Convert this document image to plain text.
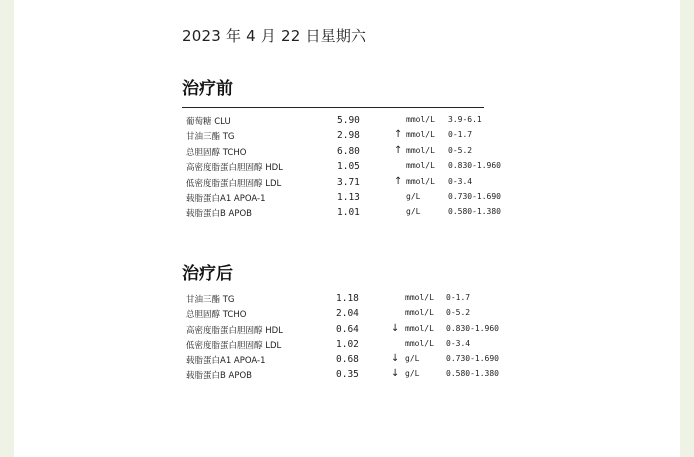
2023 年 4 月 22 日星期六
治疗前
葡萄糖 CLU	5.90	mmol/L 3.9-6.1
甘油三酯 TG	2.98	↑ mmol/L 0-1.7
总胆固醇 TCHO	6.80	↑ mmol/L 0-5.2
高密度脂蛋白胆固醇 HDL	1.05	mmol/L 0.830-1.960
低密度脂蛋白胆固醇 LDL	3.71	↑ mmol/L 0-3.4
载脂蛋白A1 APOA-1	1.13	g/L	0.730-1.690
载脂蛋白B APOB	1.01	g/L	0.580-1.380
治疗后
甘油三酯 TG	1.18	mmol/L 0-1.7
总胆固醇 TCHO	2.04	mmol/L 0-5.2
高密度脂蛋白胆固醇 HDL	0.64	↓ mmol/L 0.830-1.960
低密度脂蛋白胆固醇 LDL	1.02	mmol/L 0-3.4
载脂蛋白A1 APOA-1	0.68	↓ g/L	0.730-1.690
载脂蛋白B APOB	0.35	↓ g/L	0.580-1.380
